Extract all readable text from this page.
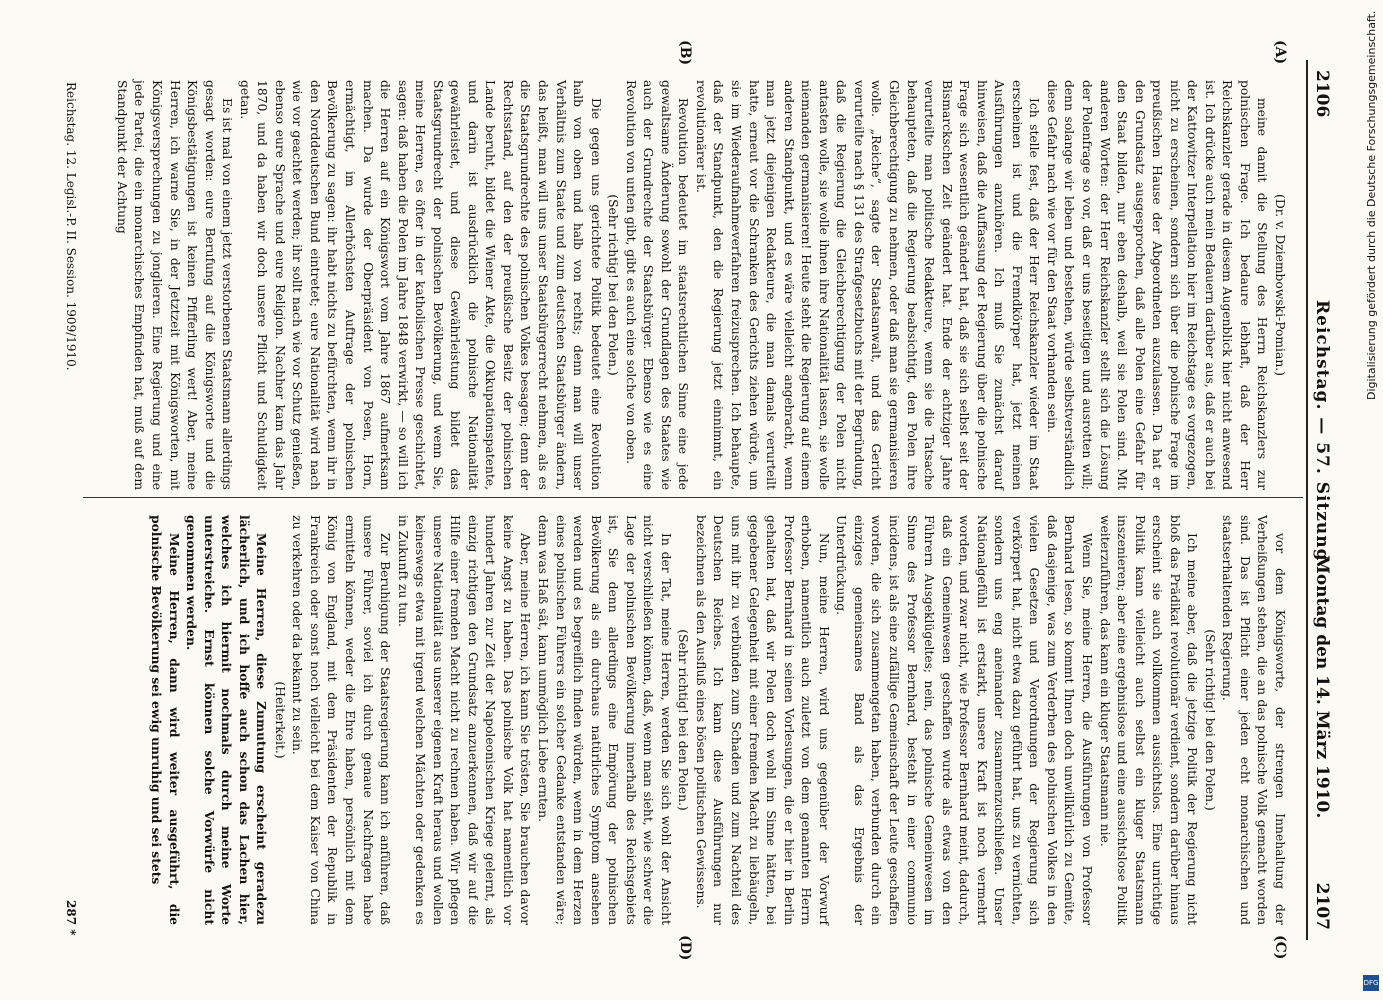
2106
Reichstag. — 57. Sitzung.
Montag den 14. März 1910.
2107
(A)
(B)
(C)
(D)

(Dr. v. Dziembowski-Pomian.)

meine damit die Stellung des Herrn Reichskanzlers zur polnischen Frage. Ich bedaure lebhaft, daß der Herr Reichskanzler gerade in diesem Augenblick hier nicht anwesend ist. Ich drücke auch mein Bedauern darüber aus, daß er auch bei der Kattowitzer Interpellation hier im Reichstage es vorgezogen, nicht zu erscheinen, sondern sich über die polnische Frage im preußischen Hause der Abgeordneten auszulassen. Da hat er den Grundsatz ausgesprochen, daß alle Polen eine Gefahr für den Staat bilden, nur eben deshalb, weil sie Polen sind. Mit anderen Worten: der Herr Reichskanzler stellt sich die Lösung der Polenfrage so vor, daß er uns beseitigen und ausrotten will; denn solange wir leben und bestehen, würde selbstverständlich diese Gefahr nach wie vor für den Staat vorhanden sein.

Ich stelle fest, daß der Herr Reichskanzler wieder im Staat erscheinen ist und die Fremdkörper hat, jetzt meinen Ausführungen anzuhören. Ich muß Sie zunächst darauf hinweisen, daß die Auffassung der Regierung über die polnische Frage sich wesentlich geändert hat, daß sie sich selbst seit der Bismarckschen Zeit geändert hat. Ende der achtziger Jahre verurteilte man politische Redakteure, wenn sie die Tatsache behaupteten, daß die Regierung beabsichtigt, den Polen ihre Gleichberechtigung zu nehmen, oder daß man sie germanisieren wolle. „Reiche“, sagte der Staatsanwalt, und das Gericht verurteilte nach § 131 des Strafgesetzbuchs mit der Begründung, daß die Regierung die Gleichberechtigung der Polen nicht antasten wolle, sie wolle ihnen ihre Nationalität lassen, sie wolle niemanden germanisieren! Heute steht die Regierung auf einem anderen Standpunkt, und es wäre vielleicht angebracht, wenn man jetzt diejenigen Redakteure, die man damals verurteilt hatte, erneut vor die Schranken des Gerichts ziehen würde, um sie im Wiederaufnahmeverfahren freizusprechen. Ich behaupte, daß der Standpunkt, den die Regierung jetzt einnimmt, ein revolutionärer ist.

Revolution bedeutet im staatsrechtlichen Sinne eine jede gewaltsame Änderung sowohl der Grundlagen des Staates wie auch der Grundrechte der Staatsbürger. Ebenso wie es eine Revolution von unten gibt, gibt es auch eine solche von oben.

(Sehr richtig! bei den Polen.)

Die gegen uns gerichtete Politik bedeutet eine Revolution halb von oben und halb von rechts; denn man will unser Verhältnis zum Staate und zum deutschen Staatsbürger ändern, das heißt, man will uns unser Staatsbürgerrecht nehmen, als es die Staatsgrundrechte des polnischen Volkes besagen; denn der Rechtsstand, auf den der preußische Besitz der polnischen Lande beruht, bildet die Wiener Akte, die Okkupationspatente, und darin ist ausdrücklich die polnische Nationalität gewährleistet, und diese Gewährleistung bildet das Staatsgrundrecht der polnischen Bevölkerung, und wenn Sie, meine Herren, es öfter in der katholischen Presse geschichtet, sagen: daß haben die Polen im Jahre 1848 verwirkt, — so will ich die Herren auf ein Königswort vom Jahre 1867 aufmerksam machen. Da wurde der Oberpräsident von Posen, Horn, ermächtigt, im Allerhöchsten Auftrage der polnischen Bevölkerung zu sagen: ihr habt nichts zu befürchten, wenn ihr in den Norddeutschen Bund eintretet; eure Nationalität wird nach wie vor geachtet werden; ihr sollt nach wie vor Schutz genießen, ebenso eure Sprache und eure Religion. Nachher kam das Jahr 1870, und da haben wir doch unsere Pflicht und Schuldigkeit getan.

Es ist mal von einem jetzt verstorbenen Staatsmann allerdings gesagt worden: eure Berufung auf die Königsworte und die Königsbestätigungen ist keinen Pfifferling wert! Aber, meine Herren, ich warne Sie, in der Jetztzeit mit Königsworten, mit Königsversprechungen zu jonglieren. Eine Regierung und eine jede Partei, die ein monarchisches Empfinden hat, muß auf dem Standpunkt der Achtung

vor dem Königsworte, der strengen Innehaltung der Verheißungen stehen, die an das polnische Volk gemacht worden sind. Das ist Pflicht einer jeden echt monarchischen und staatserhaltenden Regierung.

(Sehr richtig! bei den Polen.)

Ich meine aber, daß die jetzige Politik der Regierung nicht bloß das Prädikat revolutionär verdient, sondern darüber hinaus erscheint sie auch vollkommen aussichtslos. Eine unrichtige Politik kann vielleicht auch selbst ein kluger Staatsmann inszenieren; aber eine ergebnislose und eine aussichtslose Politik weiterzuführen, das kann ein kluger Staatsmann nie.

Wenn Sie, meine Herren, die Ausführungen von Professor Bernhard lesen, so kommt Ihnen doch unwillkürlich zu Gemüte, daß dasjenige, was zum Verderben des polnischen Volkes in den vielen Gesetzen und Verordnungen der Regierung sich verkörpert hat, nicht etwa dazu geführt hat, uns zu vernichten, sondern uns eng aneinander zusammenzuschließen. Unser Nationalgefühl ist erstarkt, unsere Kraft ist noch vermehrt worden, und zwar nicht, wie Professor Bernhard meint, dadurch, daß ein Gemeinwesen geschaffen wurde als etwas von den Führern Ausgeklügeltes; nein, das polnische Gemeinwesen im Sinne des Professor Bernhard, besteht in einer communio incidens, ist als eine zufällige Gemeinschaft der Leute geschaffen worden, die sich zusammengetan haben, verbunden durch ein einziges gemeinsames Band als das Ergebnis der Unterdrückung.

Nun, meine Herren, wird uns gegenüber der Vorwurf erhoben, namentlich auch zuletzt von dem genannten Herrn Professor Bernhard in seinen Vorlesungen, die er hier in Berlin gehalten hat, daß wir Polen doch wohl im Sinne hätten, bei gegebener Gelegenheit mit einer fremden Macht zu liebäugeln, uns mit ihr zu verbünden zum Schaden und zum Nachteil des Deutschen Reiches. Ich kann diese Ausführungen nur bezeichnen als den Ausfluß eines bösen politischen Gewissens.

(Sehr richtig! bei den Polen.)

In der Tat, meine Herren, werden Sie sich wohl der Ansicht nicht verschließen können, daß, wenn man sieht, wie schwer die Lage der polnischen Bevölkerung innerhalb des Reichsgebiets ist, Sie denn allerdings eine Empörung der polnischen Bevölkerung als ein durchaus natürliches Symptom ansehen werden und es begreiflich finden würden, wenn in dem Herzen eines polnischen Führers ein solcher Gedanke entstanden wäre; denn was Haß sät, kann unmöglich Liebe ernten.

Aber, meine Herren, ich kann Sie trösten, Sie brauchen davor keine Angst zu haben. Das polnische Volk hat namentlich vor hundert Jahren zur Zeit der Napoleonischen Kriege gelernt, als einzig richtigen den Grundsatz anzuerkennen, daß wir auf die Hilfe einer fremden Macht nicht zu rechnen haben. Wir pflegen unsere Nationalität aus unserer eigenen Kraft heraus und wollen keineswegs etwa mit irgend welchen Mächten oder gedenken es in Zukunft zu tun.

Zur Beruhigung der Staatsregierung kann ich anführen, daß unsere Führer, soviel ich durch genaue Nachfragen habe ermitteln können, weder die Ehre haben, persönlich mit dem König von England, mit dem Präsidenten der Republik in Frankreich oder sonst noch vielleicht bei dem Kaiser von China zu verkehren oder da bekannt zu sein.

(Heiterkeit.)

Meine Herren, diese Zumutung erscheint geradezu lächerlich, und ich hoffe auch schon das Lachen hier, welches ich hiermit nochmals durch meine Worte unterstreiche. Ernst können solche Vorwürfe nicht genommen werden.

Meine Herren, dann wird weiter ausgeführt, die polnische Bevölkerung sei ewig unruhig und sei stets

Reichstag. 12. Legisl.-P. II. Session. 1909/1910.
287 *
Digitalisierung gefördert durch die Deutsche Forschungsgemeinschaft.
DFG
